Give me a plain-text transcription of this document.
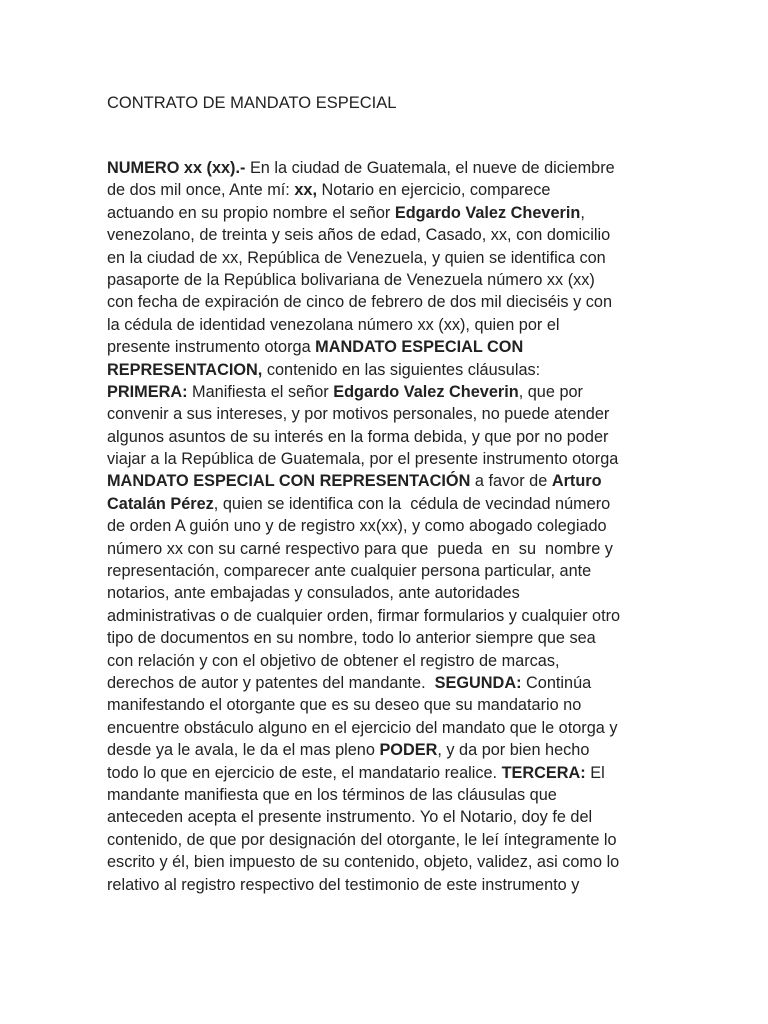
CONTRATO DE MANDATO ESPECIAL
NUMERO xx (xx).- En la ciudad de Guatemala, el nueve de diciembre
de dos mil once, Ante mí: xx, Notario en ejercicio, comparece
actuando en su propio nombre el señor Edgardo Valez Cheverin,
venezolano, de treinta y seis años de edad, Casado, xx, con domicilio
en la ciudad de xx, República de Venezuela, y quien se identifica con
pasaporte de la República bolivariana de Venezuela número xx (xx)
con fecha de expiración de cinco de febrero de dos mil dieciséis y con
la cédula de identidad venezolana número xx (xx), quien por el
presente instrumento otorga MANDATO ESPECIAL CON
REPRESENTACION, contenido en las siguientes cláusulas:
PRIMERA: Manifiesta el señor Edgardo Valez Cheverin, que por
convenir a sus intereses, y por motivos personales, no puede atender
algunos asuntos de su interés en la forma debida, y que por no poder
viajar a la República de Guatemala, por el presente instrumento otorga
MANDATO ESPECIAL CON REPRESENTACIÓN a favor de Arturo
Catalán Pérez, quien se identifica con la  cédula de vecindad número
de orden A guión uno y de registro xx(xx), y como abogado colegiado
número xx con su carné respectivo para que  pueda  en  su  nombre y
representación, comparecer ante cualquier persona particular, ante
notarios, ante embajadas y consulados, ante autoridades
administrativas o de cualquier orden, firmar formularios y cualquier otro
tipo de documentos en su nombre, todo lo anterior siempre que sea
con relación y con el objetivo de obtener el registro de marcas,
derechos de autor y patentes del mandante.  SEGUNDA: Continúa
manifestando el otorgante que es su deseo que su mandatario no
encuentre obstáculo alguno en el ejercicio del mandato que le otorga y
desde ya le avala, le da el mas pleno PODER, y da por bien hecho
todo lo que en ejercicio de este, el mandatario realice. TERCERA: El
mandante manifiesta que en los términos de las cláusulas que
anteceden acepta el presente instrumento. Yo el Notario, doy fe del
contenido, de que por designación del otorgante, le leí íntegramente lo
escrito y él, bien impuesto de su contenido, objeto, validez, asi como lo
relativo al registro respectivo del testimonio de este instrumento y
